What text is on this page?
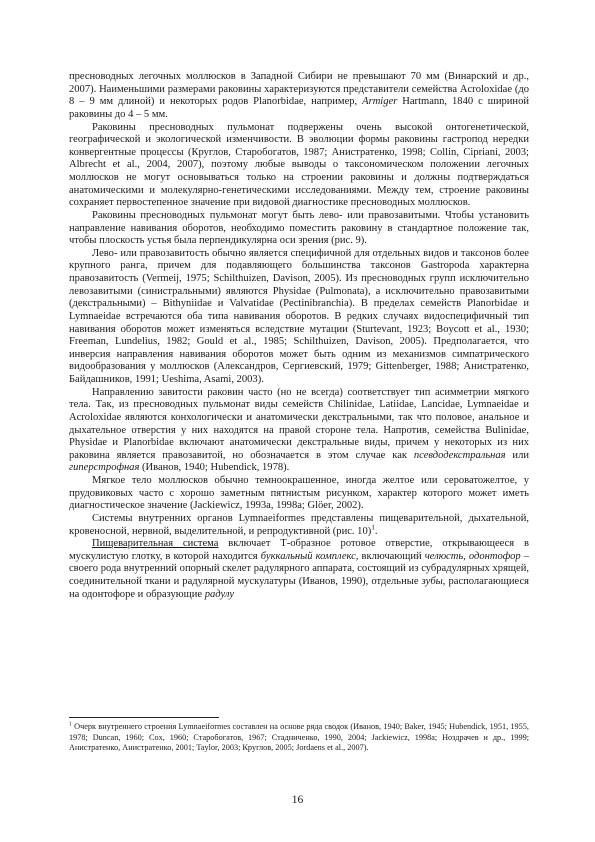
пресноводных легочных моллюсков в Западной Сибири не превышают 70 мм (Винарский и др., 2007). Наименьшими размерами раковины характеризуются представители семейства Acroloxidae (до 8 – 9 мм длиной) и некоторых родов Planorbidae, например, Armiger Hartmann, 1840 с шириной раковины до 4 – 5 мм.

Раковины пресноводных пульмонат подвержены очень высокой онтогенетической, географической и экологической изменчивости. В эволюции формы раковины гастропод нередки конвергентные процессы (Круглов, Старобогатов, 1987; Анистратенко, 1998; Collin, Cipriani, 2003; Albrecht et al., 2004, 2007), поэтому любые выводы о таксономическом положении легочных моллюсков не могут основываться только на строении раковины и должны подтверждаться анатомическими и молекулярно-генетическими исследованиями. Между тем, строение раковины сохраняет первостепенное значение при видовой диагностике пресноводных моллюсков.

Раковины пресноводных пульмонат могут быть лево- или правозавитыми. Чтобы установить направление навивания оборотов, необходимо поместить раковину в стандартное положение так, чтобы плоскость устья была перпендикулярна оси зрения (рис. 9).

Лево- или правозавитость обычно является специфичной для отдельных видов и таксонов более крупного ранга, причем для подавляющего большинства таксонов Gastropoda характерна правозавитость (Vermeij, 1975; Schilthuizen, Davison, 2005). Из пресноводных групп исключительно левозавитыми (синистральными) являются Physidae (Pulmonata), а исключительно правозавитыми (декстральными) – Bithyniidae и Valvatidae (Pectinibranchia). В пределах семейств Planorbidae и Lymnaeidae встречаются оба типа навивания оборотов. В редких случаях видоспецифичный тип навивания оборотов может изменяться вследствие мутации (Sturtevant, 1923; Boycott et al., 1930; Freeman, Lundelius, 1982; Gould et al., 1985; Schilthuizen, Davison, 2005). Предполагается, что инверсия направления навивания оборотов может быть одним из механизмов симпатрического видообразования у моллюсков (Александров, Сергиевский, 1979; Gittenberger, 1988; Анистратенко, Байдашников, 1991; Ueshima, Asami, 2003).

Направлению завитости раковин часто (но не всегда) соответствует тип асимметрии мягкого тела. Так, из пресноводных пульмонат виды семейств Chilinidae, Latiidae, Lancidae, Lymnaeidae и Acroloxidae являются конхологически и анатомически декстральными, так что половое, анальное и дыхательное отверстия у них находятся на правой стороне тела. Напротив, семейства Bulinidae, Physidae и Planorbidae включают анатомически декстральные виды, причем у некоторых из них раковина является правозавитой, но обозначается в этом случае как псевдодекстральная или гиперстрофная (Иванов, 1940; Hubendick, 1978).

Мягкое тело моллюсков обычно темноокрашенное, иногда желтое или сероватожелтое, у прудовиковых часто с хорошо заметным пятнистым рисунком, характер которого может иметь диагностическое значение (Jackiewicz, 1993a, 1998a; Glöer, 2002).

Системы внутренних органов Lymnaeiformes представлены пищеварительной, дыхательной, кровеносной, нервной, выделительной, и репродуктивной (рис. 10)$^1$.

Пищеварительная система включает Т-образное ротовое отверстие, открывающееся в мускулистую глотку, в которой находится буккальный комплекс, включающий челюсть, одонтофор – своего рода внутренний опорный скелет радулярного аппарата, состоящий из субрадулярных хрящей, соединительной ткани и радулярной мускулатуры (Иванов, 1990), отдельные зубы, располагающиеся на одонтофоре и образующие радулу

$^1$ Очерк внутреннего строения Lymnaeiformes составлен на основе ряда сводок (Иванов, 1940; Baker, 1945; Hubendick, 1951, 1955, 1978; Duncan, 1960; Cox, 1960; Старобогатов, 1967; Стадниченко, 1990, 2004; Jackiewicz, 1998a; Ноздрачев и др., 1999; Анистратенко, Анистратенко, 2001; Taylor, 2003; Круглов, 2005; Jordaens et al., 2007).

16
